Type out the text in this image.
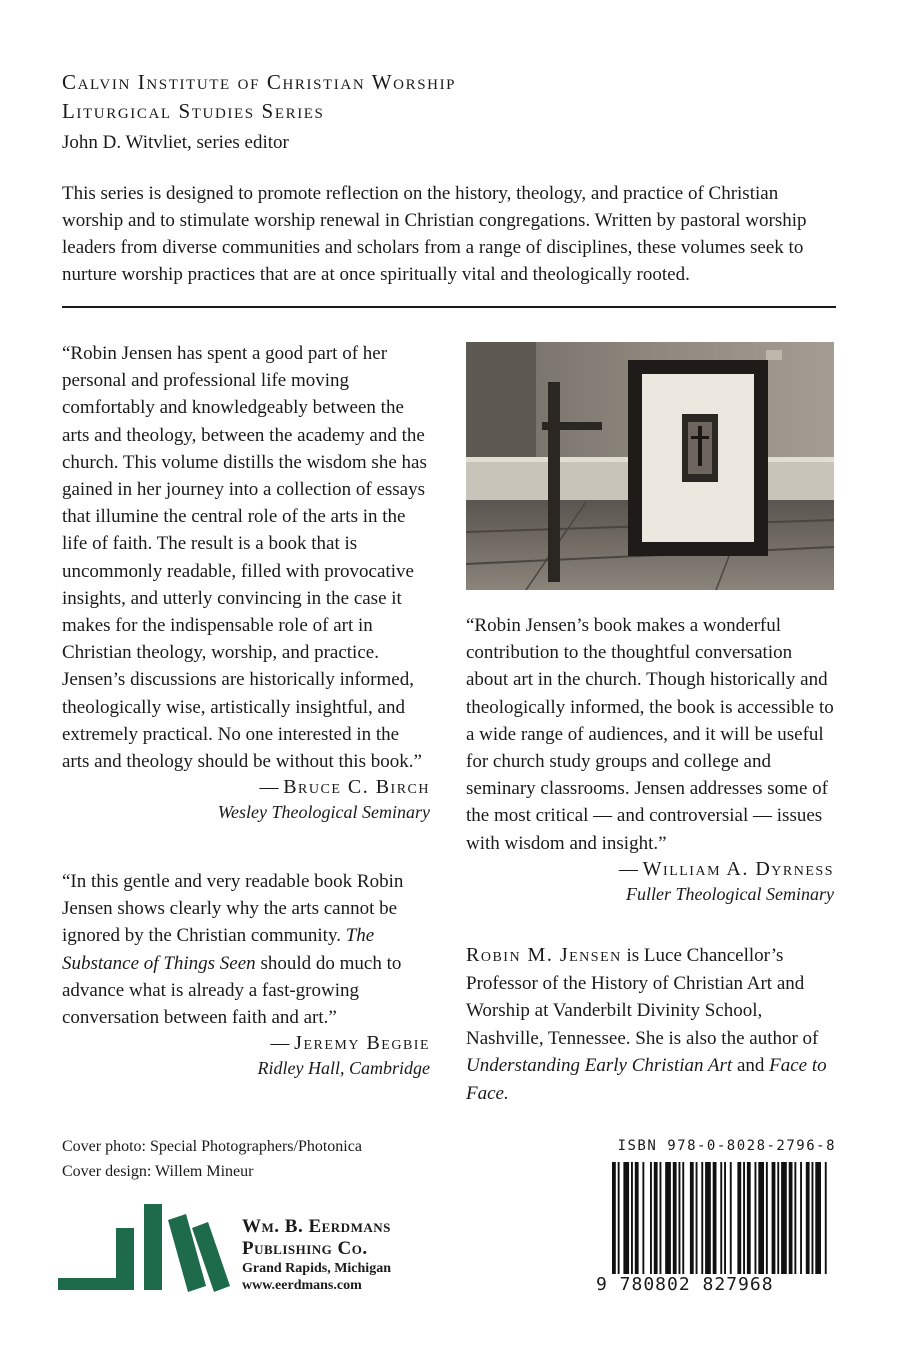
Calvin Institute of Christian Worship
Liturgical Studies Series
John D. Witvliet, series editor
This series is designed to promote reflection on the history, theology, and practice of Christian worship and to stimulate worship renewal in Christian congregations. Written by pastoral worship leaders from diverse communities and scholars from a range of disciplines, these volumes seek to nurture worship practices that are at once spiritually vital and theologically rooted.

“Robin Jensen has spent a good part of her personal and professional life moving comfortably and knowledgeably between the arts and theology, between the academy and the church. This volume distills the wisdom she has gained in her journey into a collection of essays that illumine the central role of the arts in the life of faith. The result is a book that is uncommonly readable, filled with provocative insights, and utterly convincing in the case it makes for the indispensable role of art in Christian theology, worship, and practice. Jensen’s discussions are historically informed, theologically wise, artistically insightful, and extremely practical. No one interested in the arts and theology should be without this book.”

— Bruce C. Birch
Wesley Theological Seminary

“In this gentle and very readable book Robin Jensen shows clearly why the arts cannot be ignored by the Christian community. The Substance of Things Seen should do much to advance what is already a fast-growing conversation between faith and art.”

— Jeremy Begbie
Ridley Hall, Cambridge

“Robin Jensen’s book makes a wonderful contribution to the thoughtful conversation about art in the church. Though historically and theologically informed, the book is accessible to a wide range of audiences, and it will be useful for church study groups and college and seminary classrooms. Jensen addresses some of the most critical — and controversial — issues with wisdom and insight.”

— William A. Dyrness
Fuller Theological Seminary
Robin M. Jensen is Luce Chancellor’s Professor of the History of Christian Art and Worship at Vanderbilt Divinity School, Nashville, Tennessee. She is also the author of Understanding Early Christian Art and Face to Face.
Cover photo: Special Photographers/Photonica
Cover design: Willem Mineur
Wm. B. Eerdmans
Publishing Co.
Grand Rapids, Michigan
www.eerdmans.com
ISBN 978-0-8028-2796-8
9 780802 827968
